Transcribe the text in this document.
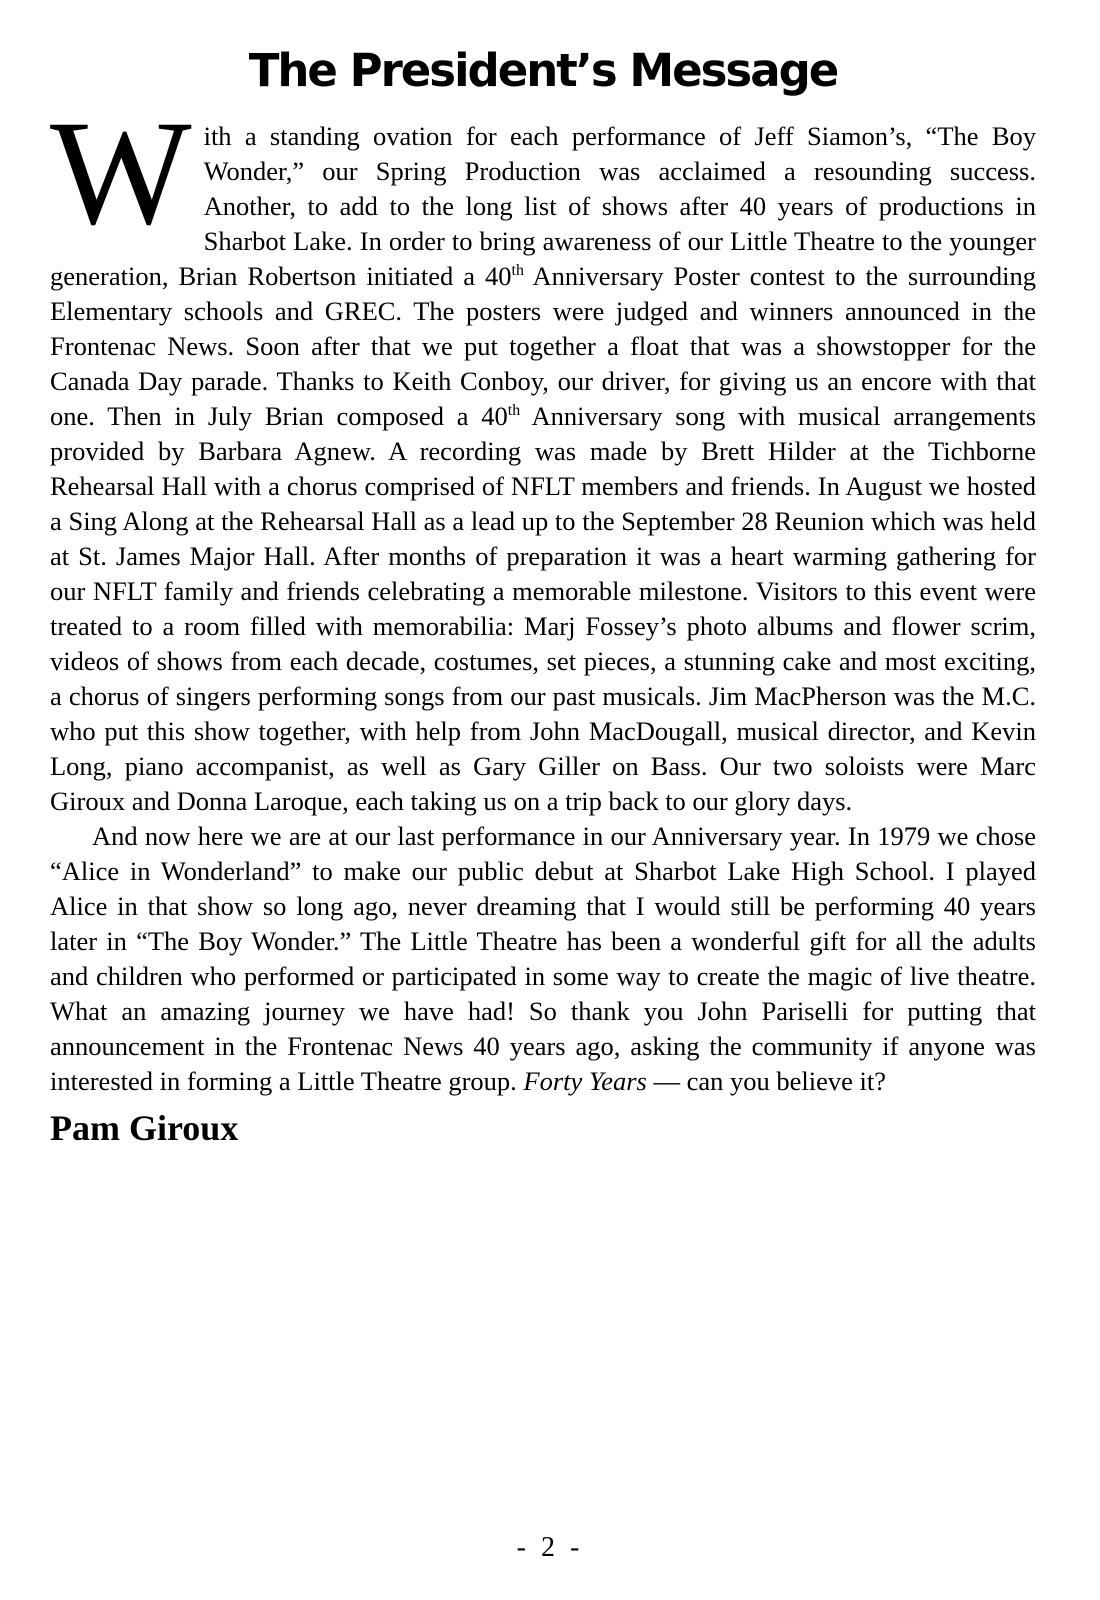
The President’s Message

With a standing ovation for each performance of Jeff Siamon’s, “The Boy Wonder,” our Spring Production was acclaimed a resounding success. Another, to add to the long list of shows after 40 years of productions in Sharbot Lake. In order to bring awareness of our Little Theatre to the younger generation, Brian Robertson initiated a 40th Anniversary Poster contest to the surrounding Elementary schools and GREC. The posters were judged and winners announced in the Frontenac News. Soon after that we put together a float that was a showstopper for the Canada Day parade. Thanks to Keith Conboy, our driver, for giving us an encore with that one. Then in July Brian composed a 40th Anniversary song with musical arrangements provided by Barbara Agnew. A recording was made by Brett Hilder at the Tichborne Rehearsal Hall with a chorus comprised of NFLT members and friends. In August we hosted a Sing Along at the Rehearsal Hall as a lead up to the September 28 Reunion which was held at St. James Major Hall. After months of preparation it was a heart warming gathering for our NFLT family and friends celebrating a memorable milestone. Visitors to this event were treated to a room filled with memorabilia: Marj Fossey’s photo albums and flower scrim, videos of shows from each decade, costumes, set pieces, a stunning cake and most exciting, a chorus of singers performing songs from our past musicals. Jim MacPherson was the M.C. who put this show together, with help from John MacDougall, musical director, and Kevin Long, piano accompanist, as well as Gary Giller on Bass. Our two soloists were Marc Giroux and Donna Laroque, each taking us on a trip back to our glory days.

And now here we are at our last performance in our Anniversary year. In 1979 we chose “Alice in Wonderland” to make our public debut at Sharbot Lake High School. I played Alice in that show so long ago, never dreaming that I would still be performing 40 years later in “The Boy Wonder.” The Little Theatre has been a wonderful gift for all the adults and children who performed or participated in some way to create the magic of live theatre. What an amazing journey we have had! So thank you John Pariselli for putting that announcement in the Frontenac News 40 years ago, asking the community if anyone was interested in forming a Little Theatre group. Forty Years — can you believe it?

Pam Giroux

- 2 -
